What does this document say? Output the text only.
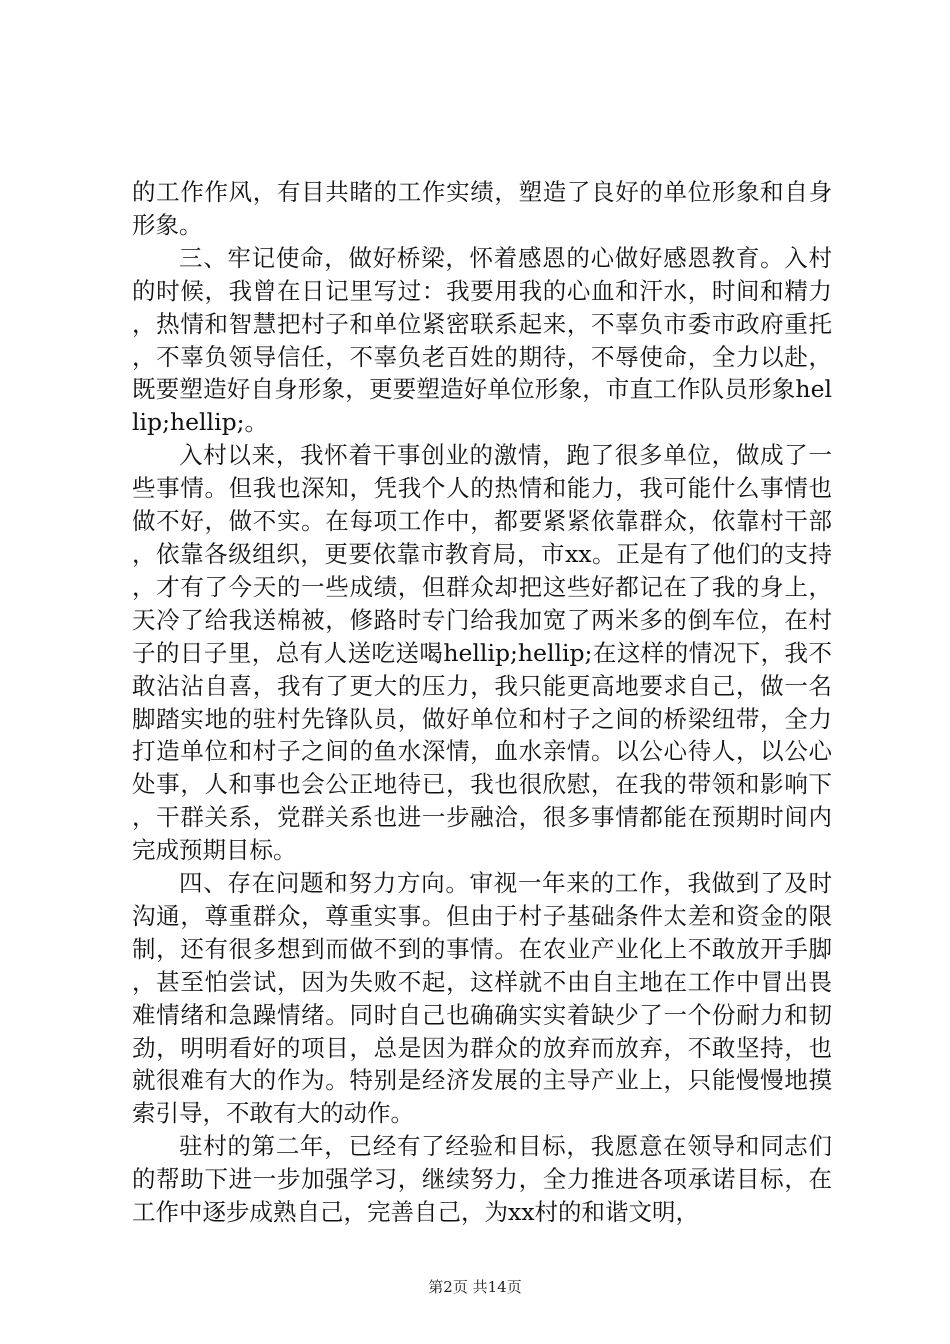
的工作作风，有目共睹的工作实绩，塑造了良好的单位形象和自身形象。

三、牢记使命，做好桥梁，怀着感恩的心做好感恩教育。入村的时候，我曾在日记里写过：我要用我的心血和汗水，时间和精力，热情和智慧把村子和单位紧密联系起来，不辜负市委市政府重托，不辜负领导信任，不辜负老百姓的期待，不辱使命，全力以赴，既要塑造好自身形象，更要塑造好单位形象，市直工作队员形象hellip;hellip;。

入村以来，我怀着干事创业的激情，跑了很多单位，做成了一些事情。但我也深知，凭我个人的热情和能力，我可能什么事情也做不好，做不实。在每项工作中，都要紧紧依靠群众，依靠村干部，依靠各级组织，更要依靠市教育局，市xx。正是有了他们的支持，才有了今天的一些成绩，但群众却把这些好都记在了我的身上，天冷了给我送棉被，修路时专门给我加宽了两米多的倒车位，在村子的日子里，总有人送吃送喝hellip;hellip;在这样的情况下，我不敢沾沾自喜，我有了更大的压力，我只能更高地要求自己，做一名脚踏实地的驻村先锋队员，做好单位和村子之间的桥梁纽带，全力打造单位和村子之间的鱼水深情，血水亲情。以公心待人，以公心处事，人和事也会公正地待已，我也很欣慰，在我的带领和影响下，干群关系，党群关系也进一步融洽，很多事情都能在预期时间内完成预期目标。

四、存在问题和努力方向。审视一年来的工作，我做到了及时沟通，尊重群众，尊重实事。但由于村子基础条件太差和资金的限制，还有很多想到而做不到的事情。在农业产业化上不敢放开手脚，甚至怕尝试，因为失败不起，这样就不由自主地在工作中冒出畏难情绪和急躁情绪。同时自己也确确实实着缺少了一个份耐力和韧劲，明明看好的项目，总是因为群众的放弃而放弃，不敢坚持，也就很难有大的作为。特别是经济发展的主导产业上，只能慢慢地摸索引导，不敢有大的动作。

驻村的第二年，已经有了经验和目标，我愿意在领导和同志们的帮助下进一步加强学习，继续努力，全力推进各项承诺目标，在工作中逐步成熟自己，完善自己，为xx村的和谐文明，

第2页 共14页
